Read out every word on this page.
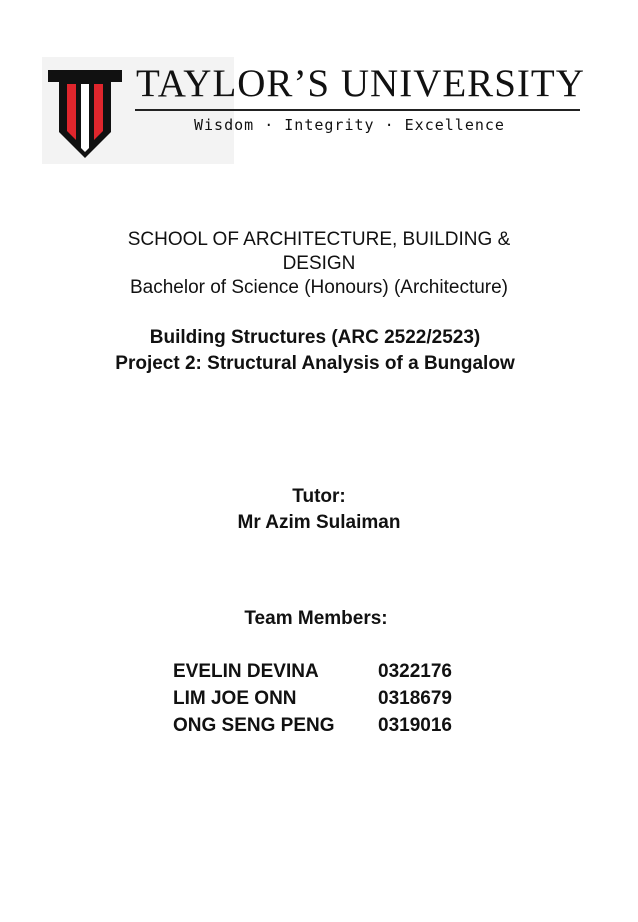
TAYLOR’S UNIVERSITY
Wisdom · Integrity · Excellence
SCHOOL OF ARCHITECTURE, BUILDING &
DESIGN
Bachelor of Science (Honours) (Architecture)
Building Structures (ARC 2522/2523)
Project 2: Structural Analysis of a Bungalow
Tutor:
Mr Azim Sulaiman
Team Members:
EVELIN DEVINA	0322176
LIM JOE ONN	0318679
ONG SENG PENG	0319016
